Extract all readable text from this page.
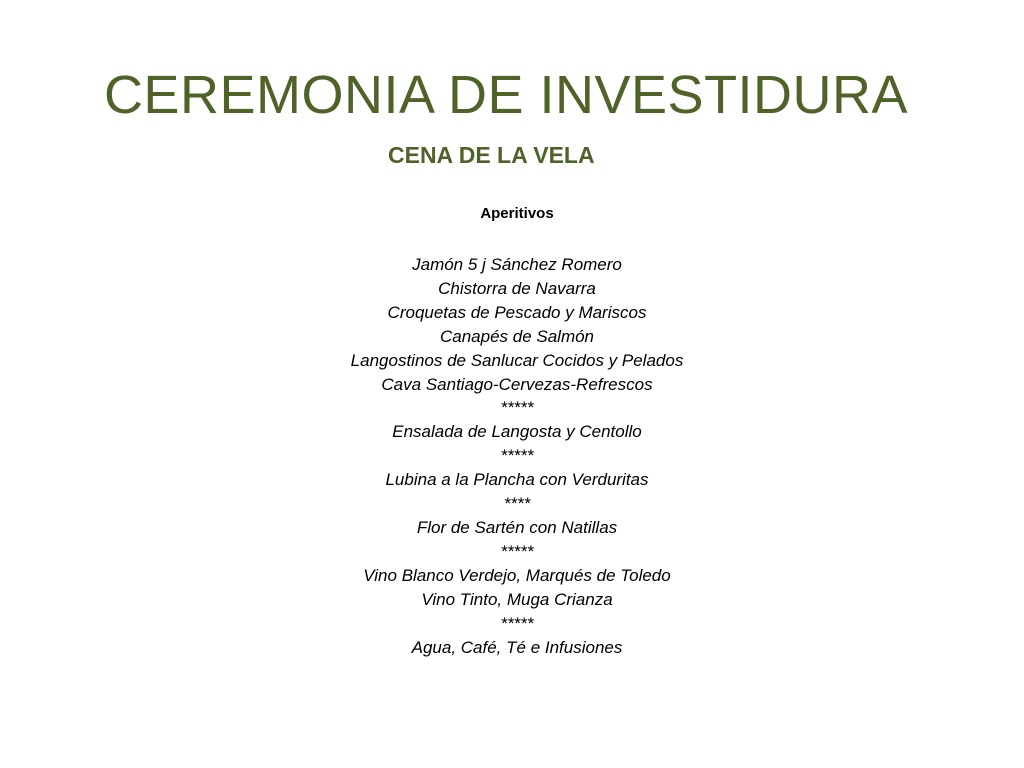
CEREMONIA DE INVESTIDURA
CENA DE LA VELA
Aperitivos
Jamón 5 j Sánchez Romero
Chistorra de Navarra
Croquetas de Pescado y Mariscos
Canapés de Salmón
Langostinos de Sanlucar Cocidos y Pelados
Cava Santiago-Cervezas-Refrescos
*****
Ensalada de Langosta y Centollo
*****
Lubina a la Plancha con Verduritas
****
Flor de Sartén con Natillas
*****
Vino Blanco Verdejo, Marqués de Toledo
Vino Tinto, Muga Crianza
*****
Agua, Café, Té e Infusiones
